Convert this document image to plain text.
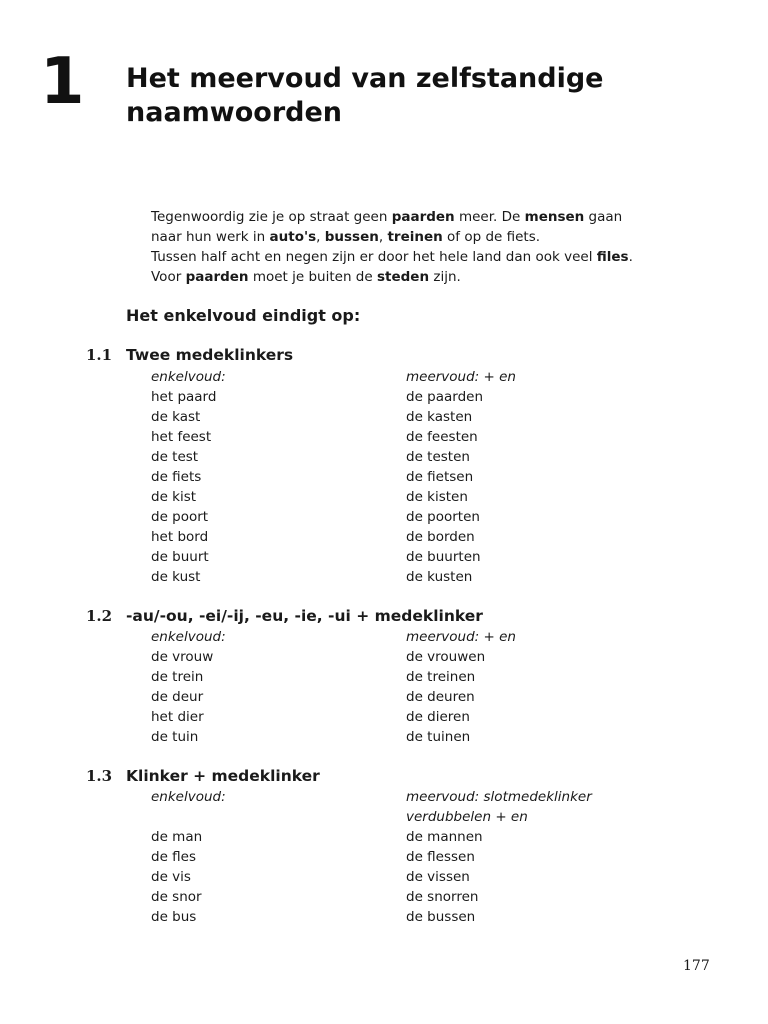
1 Het meervoud van zelfstandige naamwoorden

Tegenwoordig zie je op straat geen paarden meer. De mensen gaan

naar hun werk in auto's, bussen, treinen of op de fiets.

Tussen half acht en negen zijn er door het hele land dan ook veel files.

Voor paarden moet je buiten de steden zijn.

Het enkelvoud eindigt op:
1.1 Twee medeklinkers
enkelvoud:
het paard
de kast
het feest
de test
de fiets
de kist
de poort
het bord
de buurt
de kust
meervoud: + en
de paarden
de kasten
de feesten
de testen
de fietsen
de kisten
de poorten
de borden
de buurten
de kusten
1.2 -au/-ou, -ei/-ij, -eu, -ie, -ui + medeklinker
enkelvoud:
de vrouw
de trein
de deur
het dier
de tuin
meervoud: + en
de vrouwen
de treinen
de deuren
de dieren
de tuinen
1.3 Klinker + medeklinker
enkelvoud:

de man
de fles
de vis
de snor
de bus
meervoud: slotmedeklinker
verdubbelen + en
de mannen
de flessen
de vissen
de snorren
de bussen
177
